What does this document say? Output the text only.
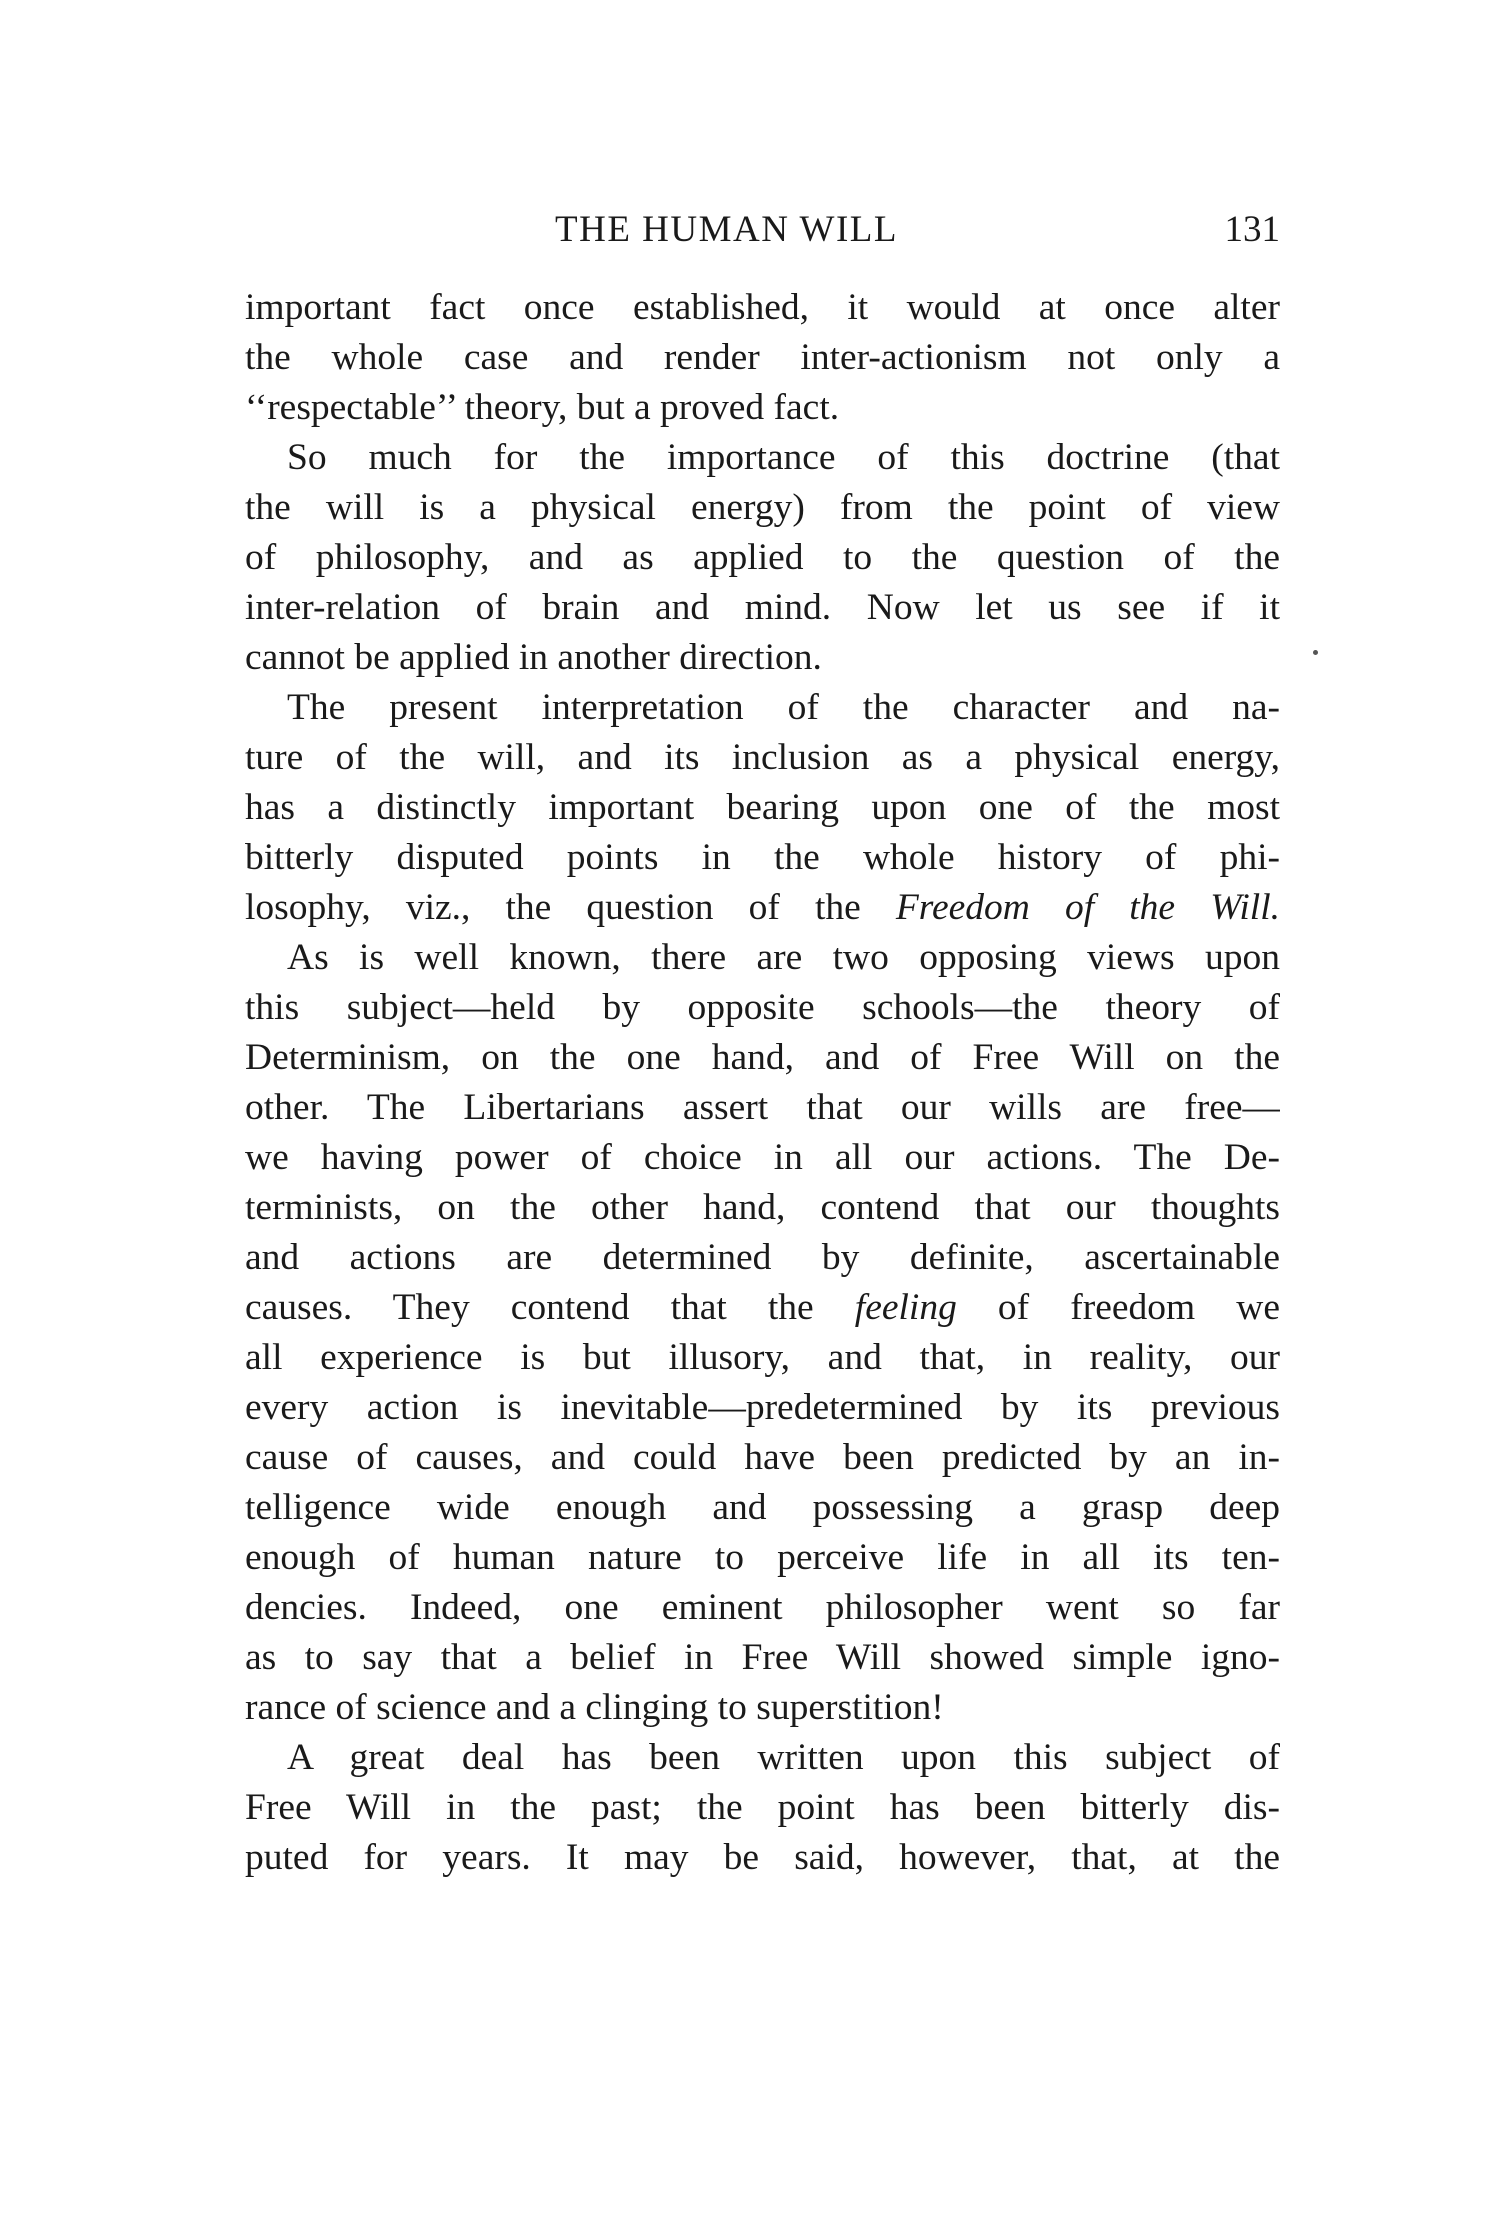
THE HUMAN WILL	131
important fact once established, it would at once alter
the whole case and render inter-actionism not only a
‘‘respectable’’ theory, but a proved fact.
So much for the importance of this doctrine (that
the will is a physical energy) from the point of view
of philosophy, and as applied to the question of the
inter-relation of brain and mind. Now let us see if it
cannot be applied in another direction.
The present interpretation of the character and na-
ture of the will, and its inclusion as a physical energy,
has a distinctly important bearing upon one of the most
bitterly disputed points in the whole history of phi-
losophy, viz., the question of the Freedom of the Will.
As is well known, there are two opposing views upon
this subject—held by opposite schools—the theory of
Determinism, on the one hand, and of Free Will on the
other. The Libertarians assert that our wills are free—
we having power of choice in all our actions. The De-
terminists, on the other hand, contend that our thoughts
and actions are determined by definite, ascertainable
causes. They contend that the feeling of freedom we
all experience is but illusory, and that, in reality, our
every action is inevitable—predetermined by its previous
cause of causes, and could have been predicted by an in-
telligence wide enough and possessing a grasp deep
enough of human nature to perceive life in all its ten-
dencies. Indeed, one eminent philosopher went so far
as to say that a belief in Free Will showed simple igno-
rance of science and a clinging to superstition!
A great deal has been written upon this subject of
Free Will in the past; the point has been bitterly dis-
puted for years. It may be said, however, that, at the
